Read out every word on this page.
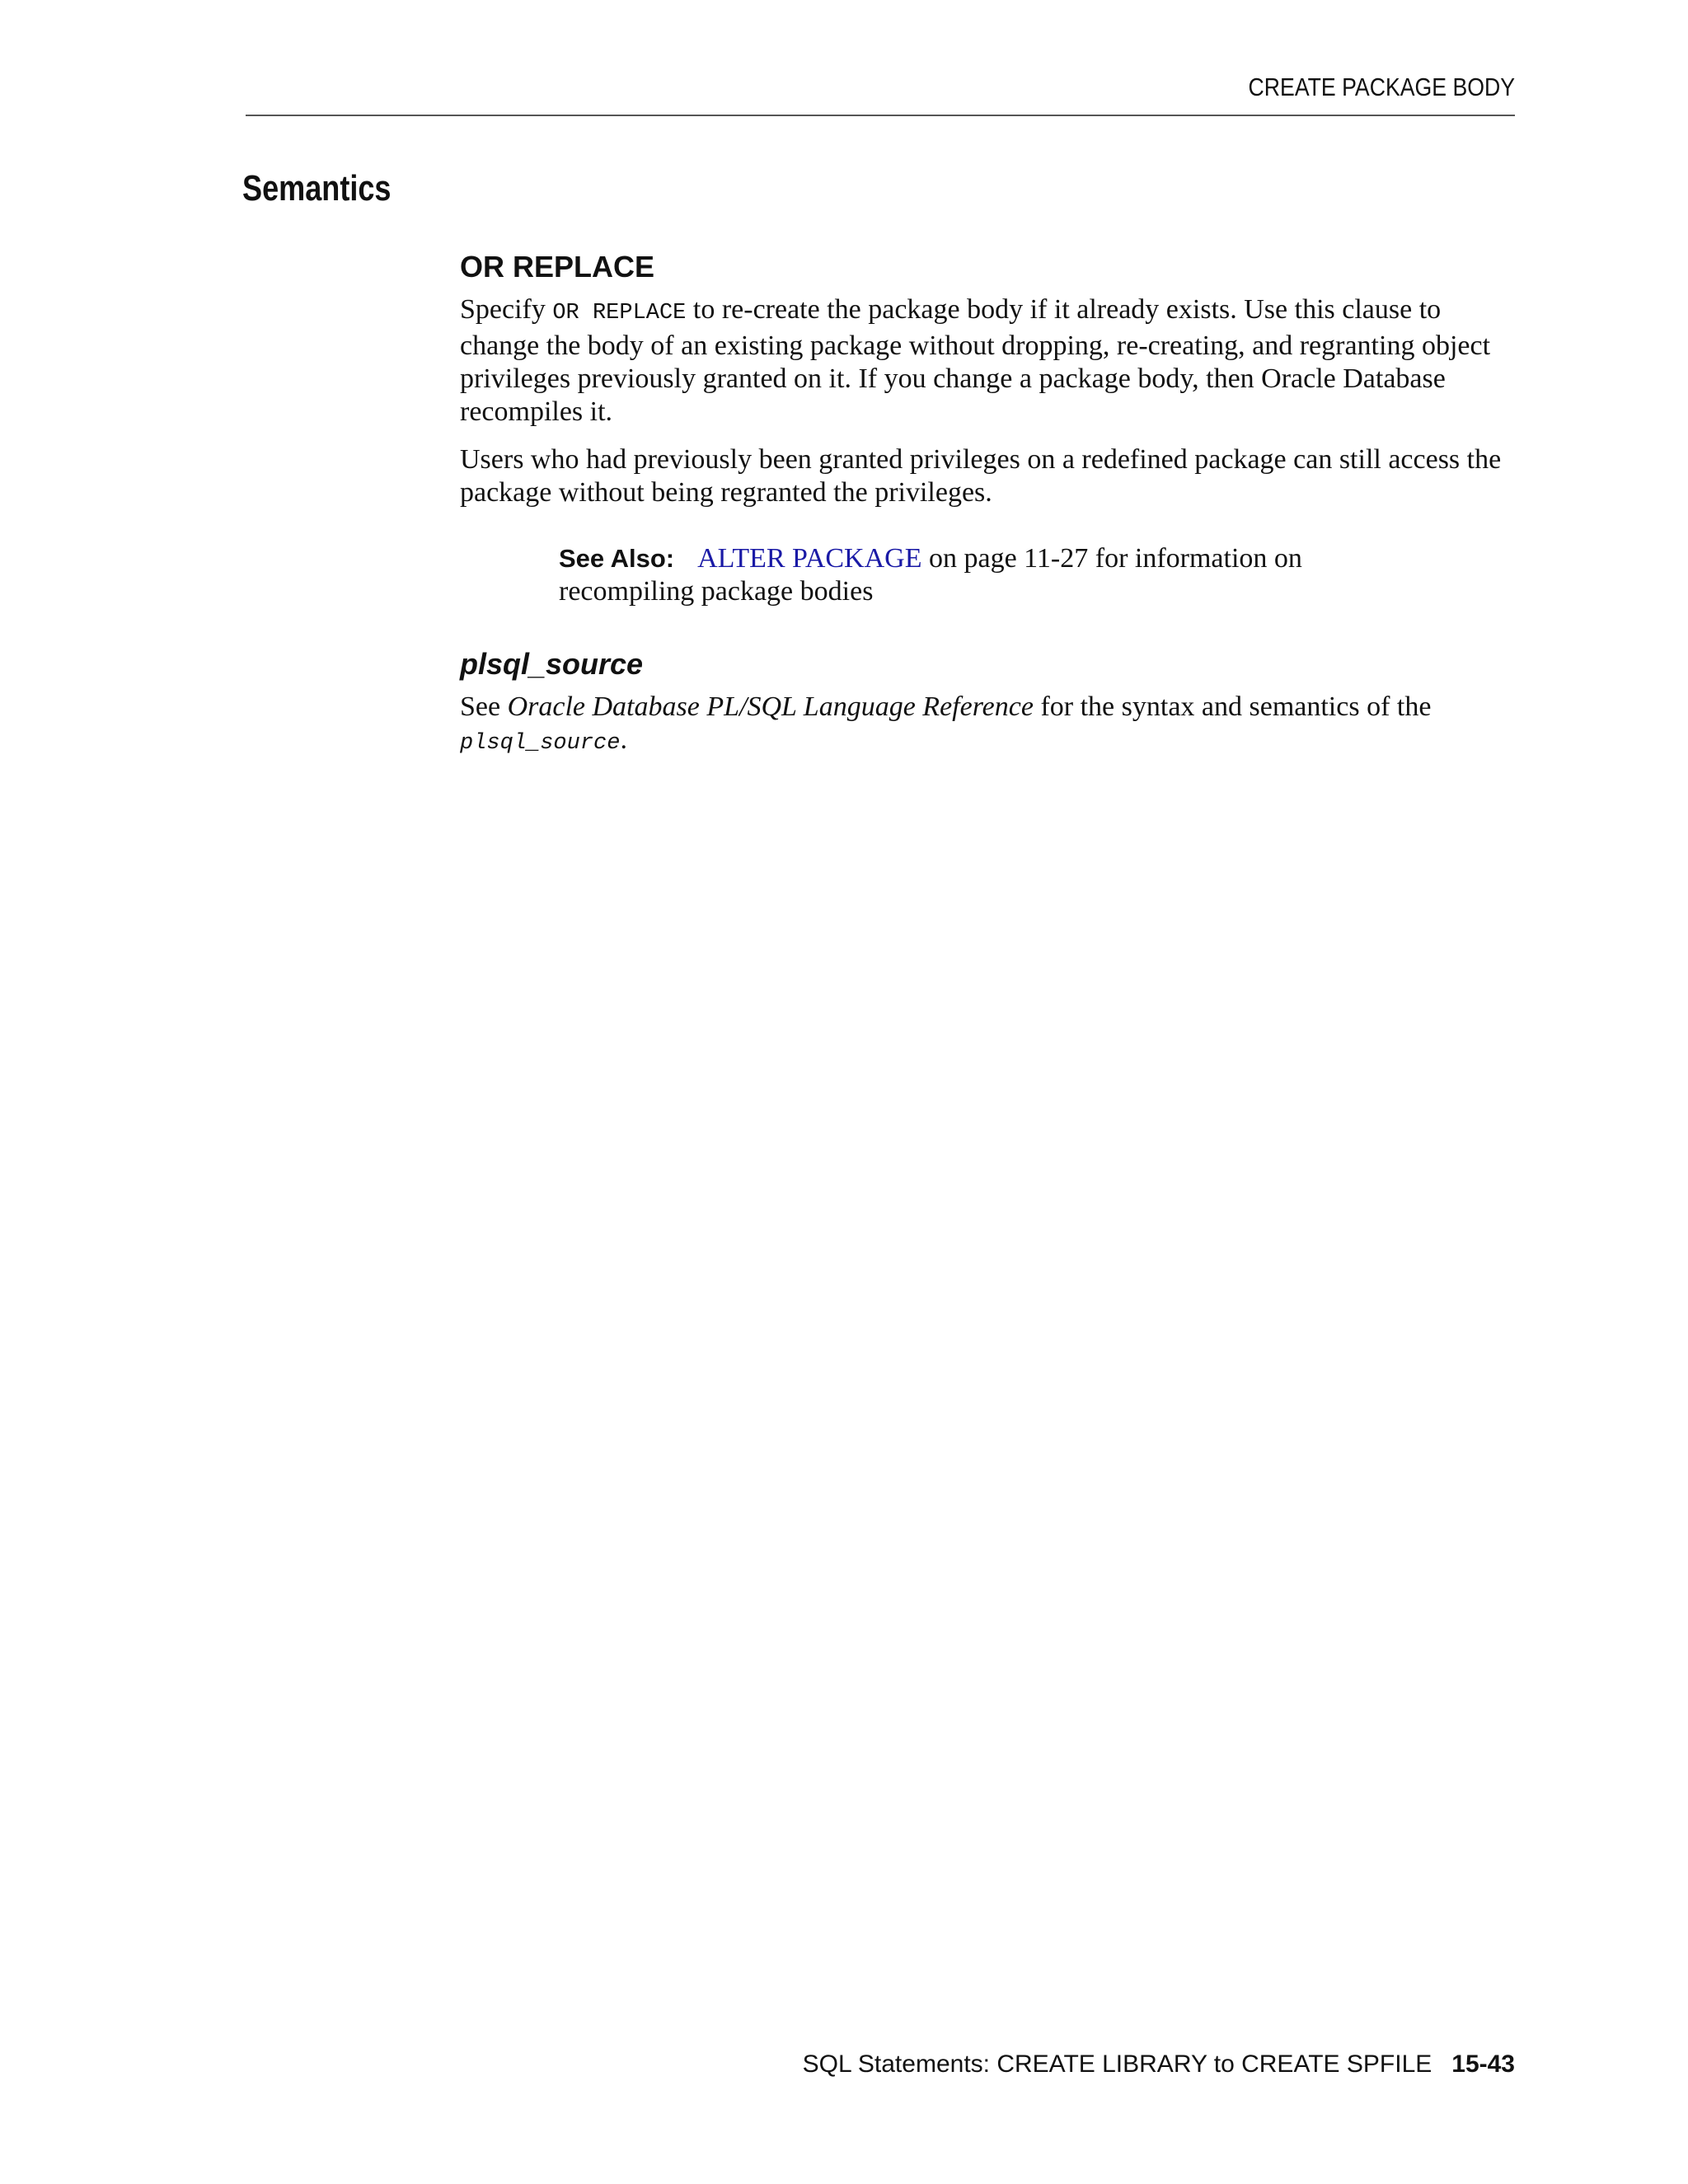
CREATE PACKAGE BODY
Semantics
OR REPLACE

Specify OR REPLACE to re-create the package body if it already exists. Use this clause to change the body of an existing package without dropping, re-creating, and regranting object privileges previously granted on it. If you change a package body, then Oracle Database recompiles it.

Users who had previously been granted privileges on a redefined package can still access the package without being regranted the privileges.

See Also: ALTER PACKAGE on page 11-27 for information on recompiling package bodies
plsql_source

See Oracle Database PL/SQL Language Reference for the syntax and semantics of the plsql_source.

SQL Statements: CREATE LIBRARY to CREATE SPFILE 15-43
